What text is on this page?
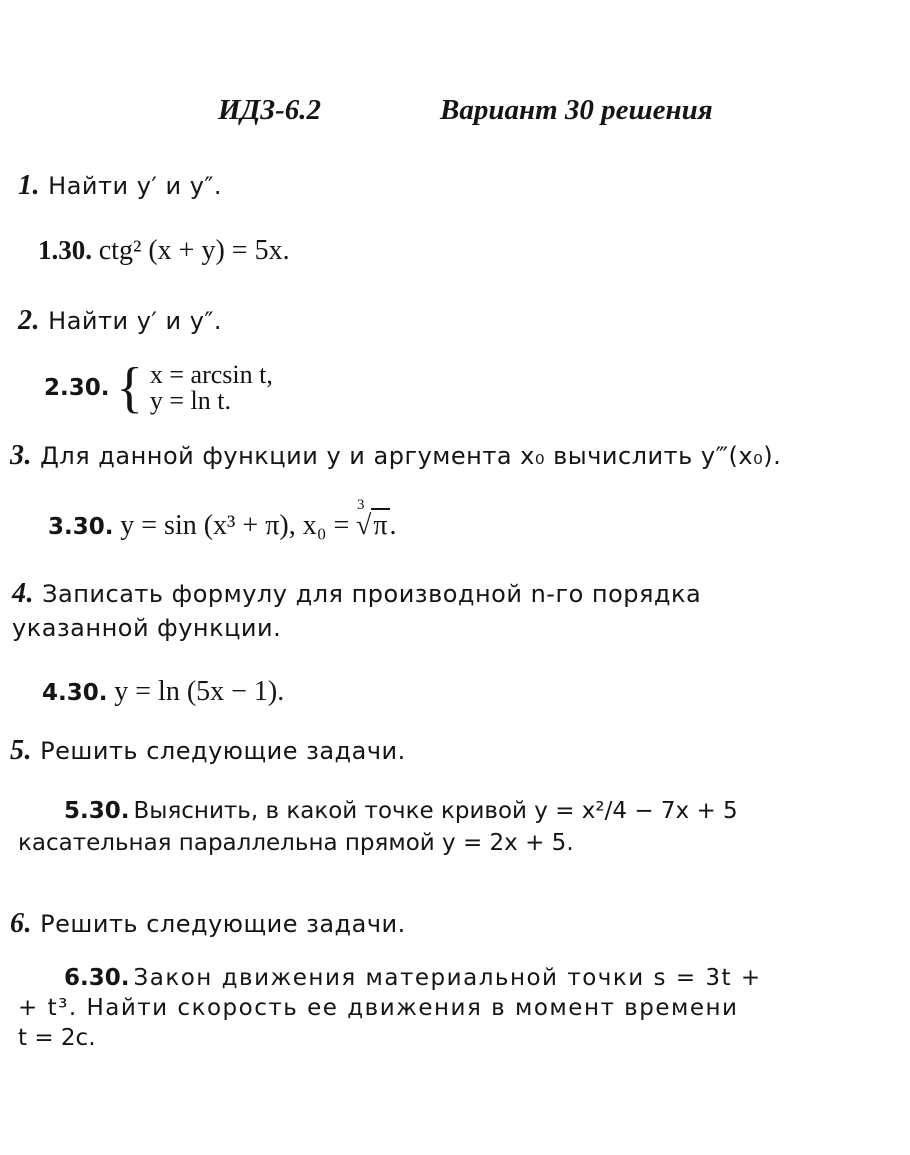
ИДЗ-6.2	Вариант 30 решения
1. Найти y′ и y″.
1.30. ctg² (x + y) = 5x.
2. Найти y′ и y″.
2.30. { x = arcsin t,
y = ln t.
3. Для данной функции y и аргумента x₀ вычислить y‴(x₀).
3.30. y = sin (x³ + π), x₀ =
3
√π.
4. Записать формулу для производной n-го порядка
указанной функции.
4.30. y = ln (5x − 1).
5. Решить следующие задачи.
5.30. Выяснить, в какой точке кривой y = x²/4 − 7x + 5
касательная параллельна прямой y = 2x + 5.
6. Решить следующие задачи.
6.30. Закон движения материальной точки s = 3t +
+ t³. Найти скорость ее движения в момент времени
t = 2c.
